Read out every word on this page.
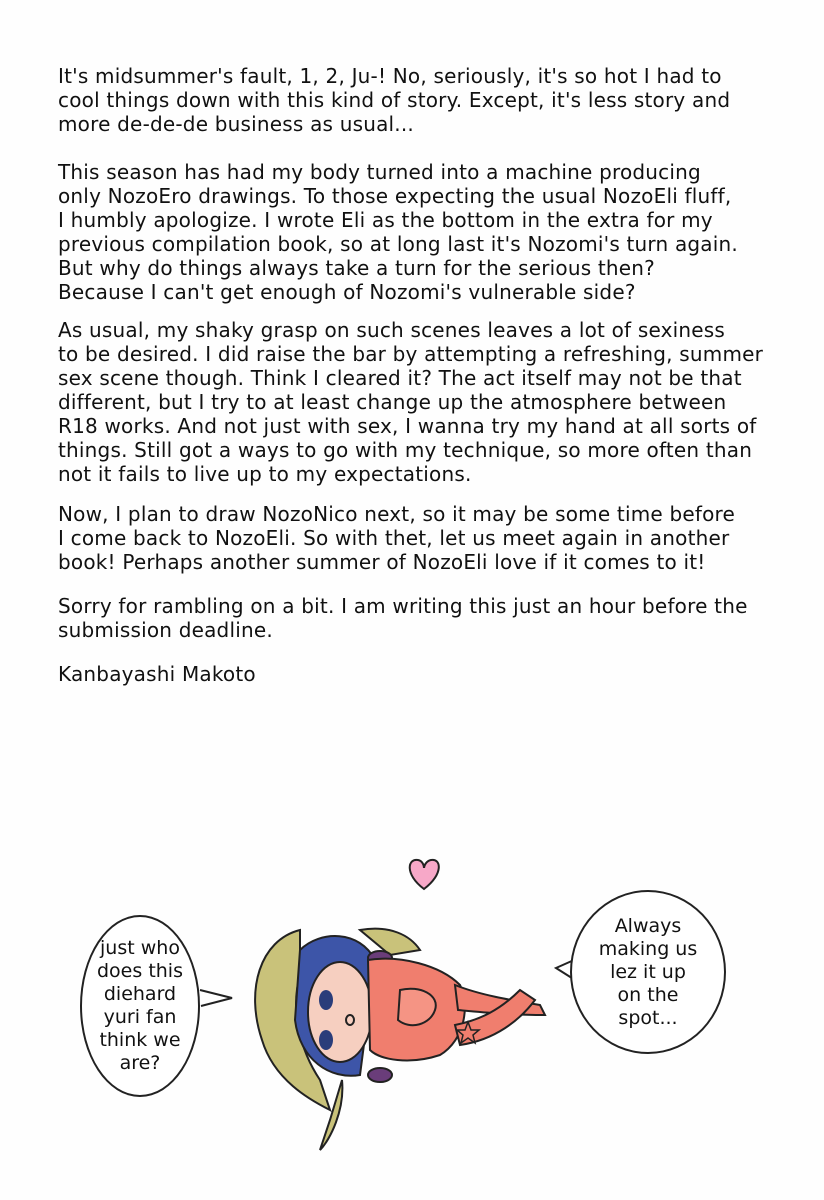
It's midsummer's fault, 1, 2, Ju-! No, seriously, it's so hot I had to
cool things down with this kind of story. Except, it's less story and
more de-de-de business as usual...

This season has had my body turned into a machine producing
only NozoEro drawings. To those expecting the usual NozoEli fluff,
I humbly apologize. I wrote Eli as the bottom in the extra for my
previous compilation book, so at long last it's Nozomi's turn again.
But why do things always take a turn for the serious then?
Because I can't get enough of Nozomi's vulnerable side?

As usual, my shaky grasp on such scenes leaves a lot of sexiness
to be desired. I did raise the bar by attempting a refreshing, summer
sex scene though. Think I cleared it? The act itself may not be that
different, but I try to at least change up the atmosphere between
R18 works. And not just with sex, I wanna try my hand at all sorts of
things. Still got a ways to go with my technique, so more often than
not it fails to live up to my expectations.

Now, I plan to draw NozoNico next, so it may be some time before
I come back to NozoEli. So with thet, let us meet again in another
book! Perhaps another summer of NozoEli love if it comes to it!

Sorry for rambling on a bit. I am writing this just an hour before the
submission deadline.

Kanbayashi Makoto

just who
does this
diehard
yuri fan
think we
are?
Always
making us
lez it up
on the
spot...
